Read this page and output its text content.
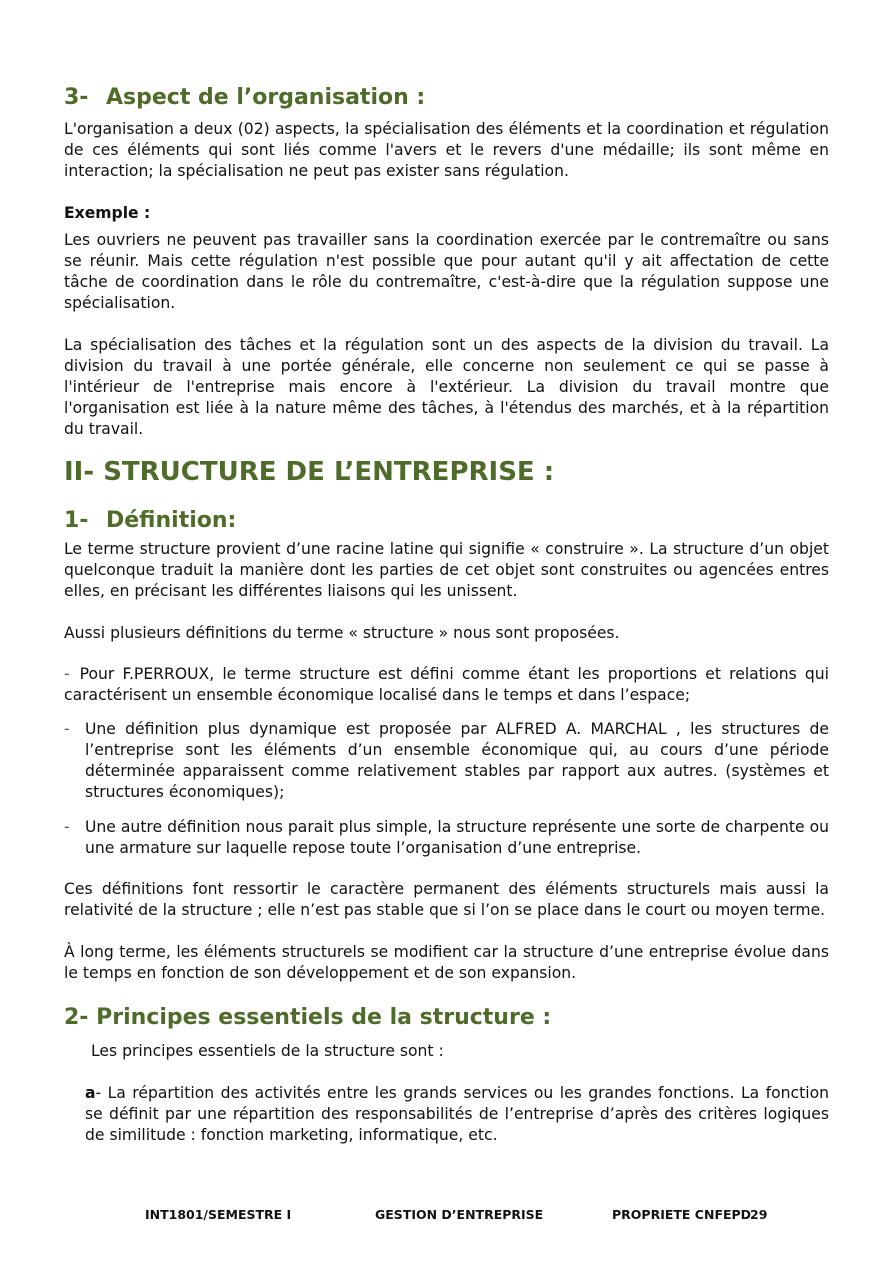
3- Aspect de l’organisation :

L'organisation a deux (02) aspects, la spécialisation des éléments et la coordination et régulation de ces éléments qui sont liés comme l'avers et le revers d'une médaille; ils sont même en interaction; la spécialisation ne peut pas exister sans régulation.

Exemple :

Les ouvriers ne peuvent pas travailler sans la coordination exercée par le contremaître ou sans se réunir. Mais cette régulation n'est possible que pour autant qu'il y ait affectation de cette tâche de coordination dans le rôle du contremaître, c'est-à-dire que la régulation suppose une spécialisation.

La spécialisation des tâches et la régulation sont un des aspects de la division du travail. La division du travail à une portée générale, elle concerne non seulement ce qui se passe à l'intérieur de l'entreprise mais encore à l'extérieur. La division du travail montre que l'organisation est liée à la nature même des tâches, à l'étendus des marchés, et à la répartition du travail.

II- STRUCTURE DE L’ENTREPRISE :
1- Définition:

Le terme structure provient d’une racine latine qui signifie « construire ». La structure d’un objet quelconque traduit la manière dont les parties de cet objet sont construites ou agencées entres elles, en précisant les différentes liaisons qui les unissent.

Aussi plusieurs définitions du terme « structure » nous sont proposées.

- Pour F.PERROUX, le terme structure est défini comme étant les proportions et relations qui caractérisent un ensemble économique localisé dans le temps et dans l’espace;

- Une définition plus dynamique est proposée par ALFRED A. MARCHAL , les structures de l’entreprise sont les éléments d’un ensemble économique qui, au cours d’une période déterminée apparaissent comme relativement stables par rapport aux autres. (systèmes et structures économiques);
- Une autre définition nous parait plus simple, la structure représente une sorte de charpente ou une armature sur laquelle repose toute l’organisation d’une entreprise.

Ces définitions font ressortir le caractère permanent des éléments structurels mais aussi la relativité de la structure ; elle n’est pas stable que si l’on se place dans le court ou moyen terme.

À long terme, les éléments structurels se modifient car la structure d’une entreprise évolue dans le temps en fonction de son développement et de son expansion.

2- Principes essentiels de la structure :

Les principes essentiels de la structure sont :

a- La répartition des activités entre les grands services ou les grandes fonctions. La fonction se définit par une répartition des responsabilités de l’entreprise d’après des critères logiques de similitude : fonction marketing, informatique, etc.
INT1801/SEMESTRE I	GESTION D’ENTREPRISE	PROPRIETE CNFEPD
29
